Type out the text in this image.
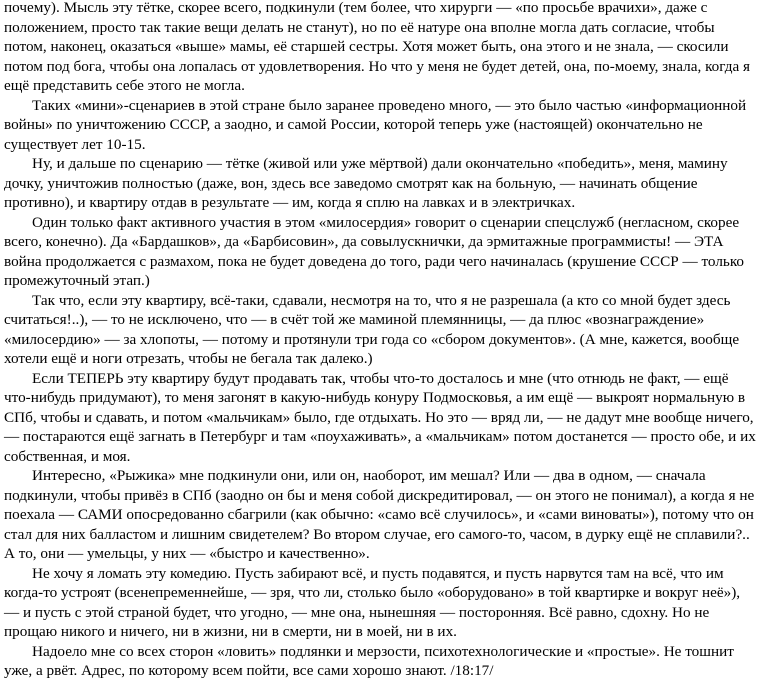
почему). Мысль эту тётке, скорее всего, подкинули (тем более, что хирурги — «по просьбе врачихи», даже с положением, просто так такие вещи делать не станут), но по её натуре она вполне могла дать согласие, чтобы потом, наконец, оказаться «выше» мамы, её старшей сестры. Хотя может быть, она этого и не знала, — скосили потом под бога, чтобы она лопалась от удовлетворения. Но что у меня не будет детей, она, по-моему, знала, когда я ещё представить себе этого не могла.

Таких «мини»-сценариев в этой стране было заранее проведено много, — это было частью «информационной войны» по уничтожению СССР, а заодно, и самой России, которой теперь уже (настоящей) окончательно не существует лет 10-15.

Ну, и дальше по сценарию — тётке (живой или уже мёртвой) дали окончательно «победить», меня, мамину дочку, уничтожив полностью (даже, вон, здесь все заведомо смотрят как на больную, — начинать общение противно), и квартиру отдав в результате — им, когда я сплю на лавках и в электричках.

Один только факт активного участия в этом «милосердия» говорит о сценарии спецслужб (негласном, скорее всего, конечно). Да «Бардашков», да «Барбисовин», да совылускнички, да эрмитажные программисты! — ЭТА война продолжается с размахом, пока не будет доведена до того, ради чего начиналась (крушение СССР — только промежуточный этап.)

Так что, если эту квартиру, всё-таки, сдавали, несмотря на то, что я не разрешала (а кто со мной будет здесь считаться!..), — то не исключено, что — в счёт той же маминой племянницы, — да плюс «вознаграждение» «милосердию» — за хлопоты, — потому и протянули три года со «сбором документов». (А мне, кажется, вообще хотели ещё и ноги отрезать, чтобы не бегала так далеко.)

Если ТЕПЕРЬ эту квартиру будут продавать так, чтобы что-то досталось и мне (что отнюдь не факт, — ещё что-нибудь придумают), то меня загонят в какую-нибудь конуру Подмосковья, а им ещё — выкроят нормальную в СПб, чтобы и сдавать, и потом «мальчикам» было, где отдыхать. Но это — вряд ли, — не дадут мне вообще ничего, — постараются ещё загнать в Петербург и там «поухаживать», а «мальчикам» потом достанется — просто обе, и их собственная, и моя.

Интересно, «Рыжика» мне подкинули они, или он, наоборот, им мешал? Или — два в одном, — сначала подкинули, чтобы привёз в СПб (заодно он бы и меня собой дискредитировал, — он этого не понимал), а когда я не поехала — САМИ опосредованно сбагрили (как обычно: «само всё случилось», и «сами виноваты»), потому что он стал для них балластом и лишним свидетелем? Во втором случае, его самого-то, часом, в дурку ещё не сплавили?.. А то, они — умельцы, у них — «быстро и качественно».

Не хочу я ломать эту комедию. Пусть забирают всё, и пусть подавятся, и пусть нарвутся там на всё, что им когда-то устроят (всенепременнейше, — зря, что ли, столько было «оборудовано» в той квартирке и вокруг неё»), — и пусть с этой страной будет, что угодно, — мне она, нынешняя — посторонняя. Всё равно, сдохну. Но не прощаю никого и ничего, ни в жизни, ни в смерти, ни в моей, ни в их.

Надоело мне со всех сторон «ловить» подлянки и мерзости, психотехнологические и «простые». Не тошнит уже, а рвёт. Адрес, по которому всем пойти, все сами хорошо знают. /18:17/
